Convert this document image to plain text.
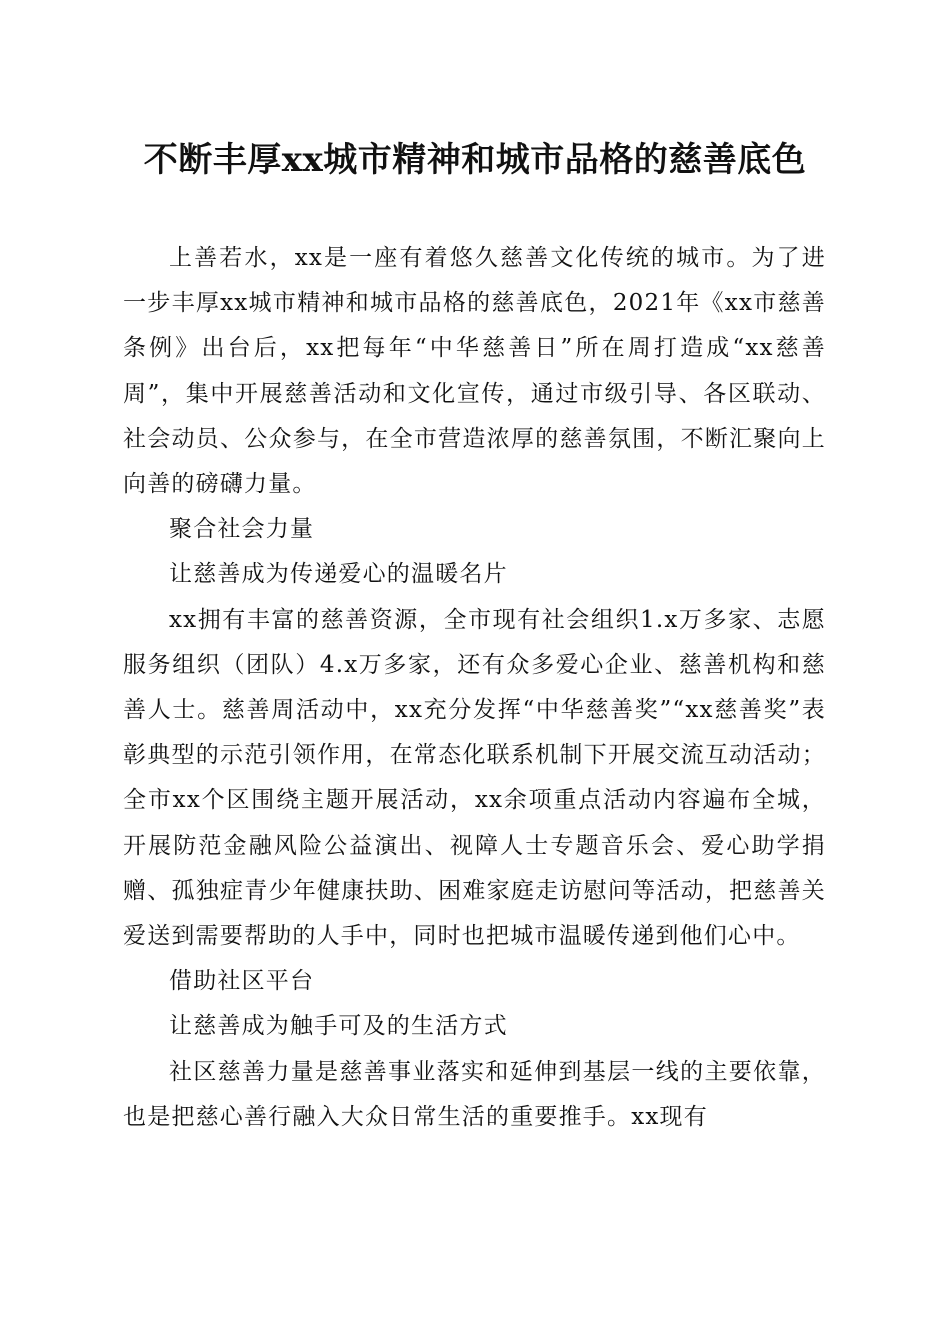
不断丰厚xx城市精神和城市品格的慈善底色

上善若水，xx是一座有着悠久慈善文化传统的城市。为了进一步丰厚xx城市精神和城市品格的慈善底色，2021年《xx市慈善条例》出台后，xx把每年“中华慈善日”所在周打造成“xx慈善周”，集中开展慈善活动和文化宣传，通过市级引导、各区联动、社会动员、公众参与，在全市营造浓厚的慈善氛围，不断汇聚向上向善的磅礴力量。

聚合社会力量

让慈善成为传递爱心的温暖名片

xx拥有丰富的慈善资源，全市现有社会组织1.x万多家、志愿服务组织（团队）4.x万多家，还有众多爱心企业、慈善机构和慈善人士。慈善周活动中，xx充分发挥“中华慈善奖”“xx慈善奖”表彰典型的示范引领作用，在常态化联系机制下开展交流互动活动；全市xx个区围绕主题开展活动，xx余项重点活动内容遍布全城，开展防范金融风险公益演出、视障人士专题音乐会、爱心助学捐赠、孤独症青少年健康扶助、困难家庭走访慰问等活动，把慈善关爱送到需要帮助的人手中，同时也把城市温暖传递到他们心中。

借助社区平台

让慈善成为触手可及的生活方式

社区慈善力量是慈善事业落实和延伸到基层一线的主要依靠，也是把慈心善行融入大众日常生活的重要推手。xx现有
